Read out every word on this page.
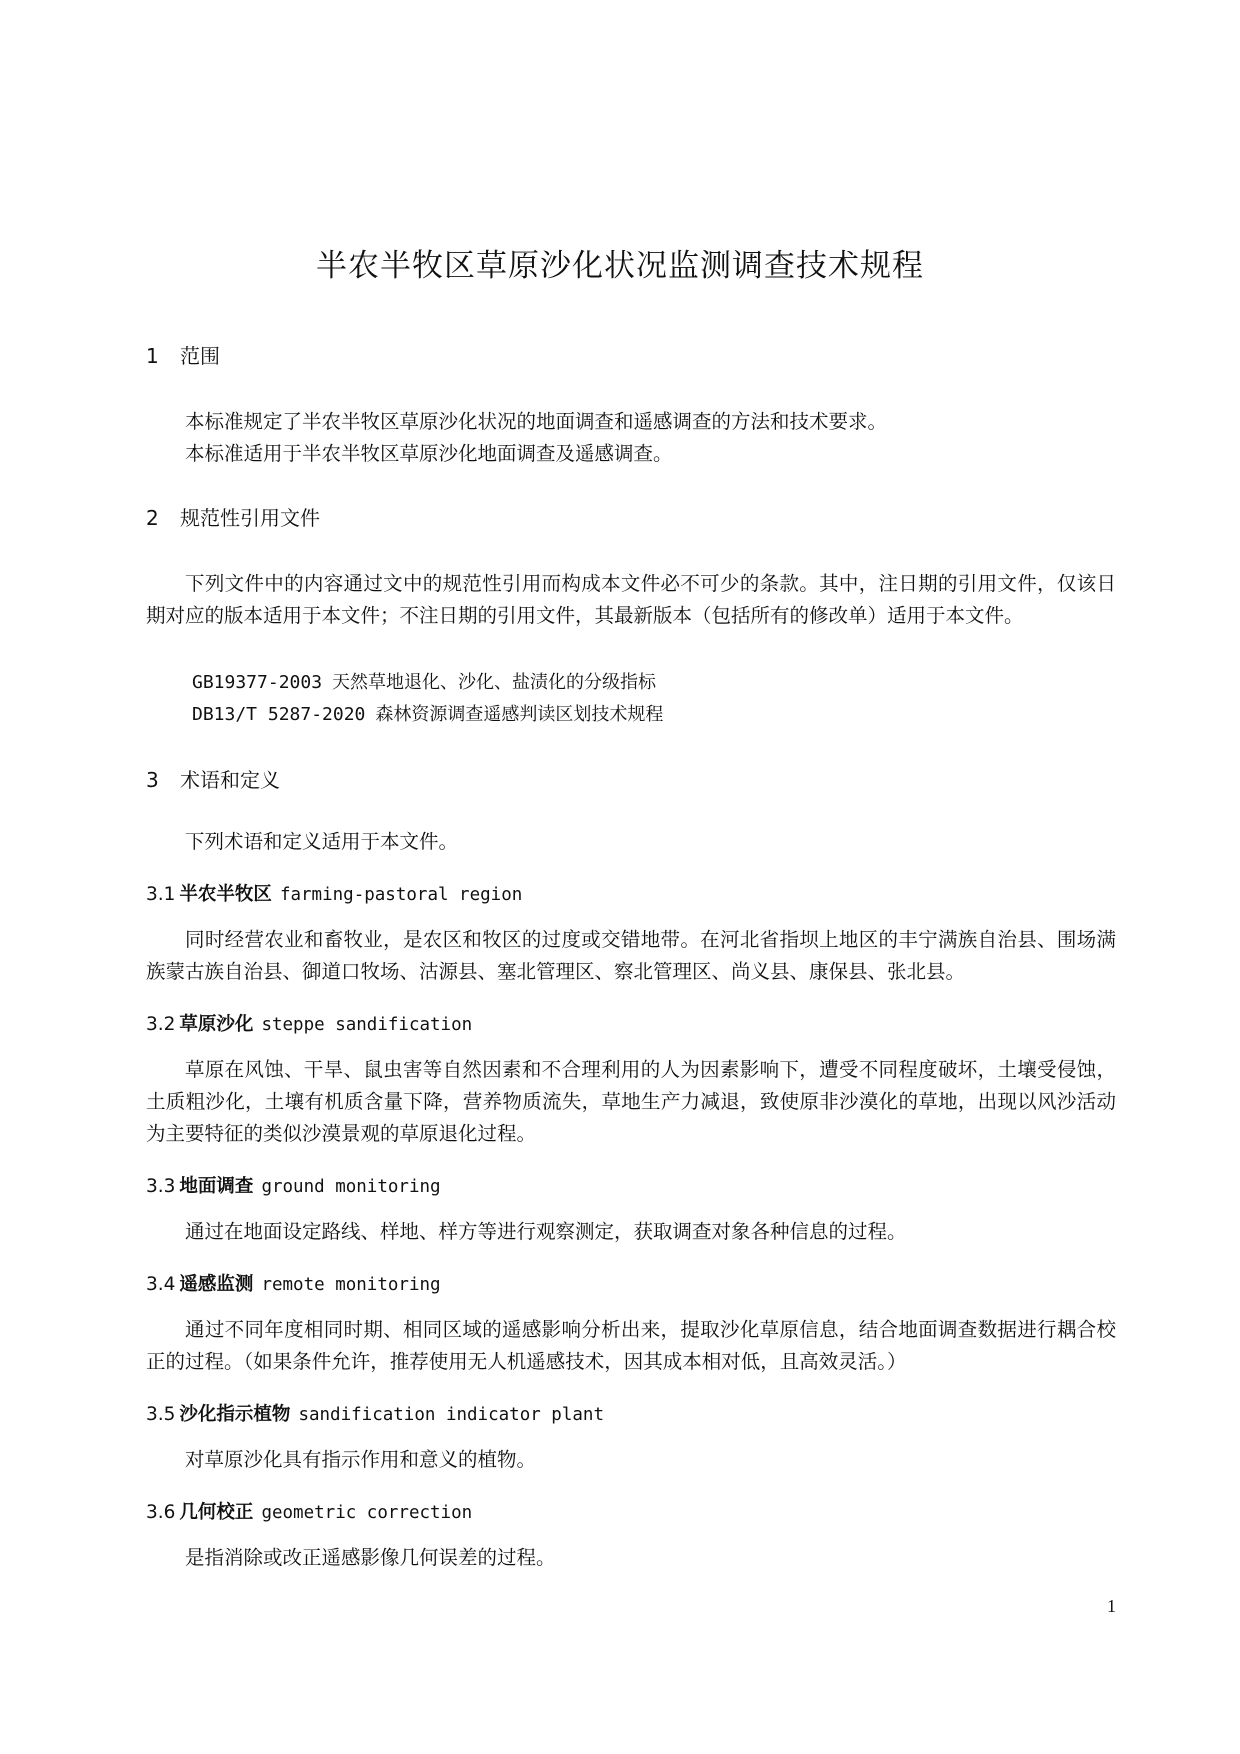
半农半牧区草原沙化状况监测调查技术规程
1 范围

本标准规定了半农半牧区草原沙化状况的地面调查和遥感调查的方法和技术要求。

本标准适用于半农半牧区草原沙化地面调查及遥感调查。

2 规范性引用文件

下列文件中的内容通过文中的规范性引用而构成本文件必不可少的条款。其中，注日期的引用文件，仅该日期对应的版本适用于本文件；不注日期的引用文件，其最新版本（包括所有的修改单）适用于本文件。

GB19377-2003 天然草地退化、沙化、盐渍化的分级指标
DB13/T 5287-2020 森林资源调查遥感判读区划技术规程
3 术语和定义

下列术语和定义适用于本文件。

3.1 半农半牧区 farming-pastoral region

同时经营农业和畜牧业，是农区和牧区的过度或交错地带。在河北省指坝上地区的丰宁满族自治县、围场满族蒙古族自治县、御道口牧场、沽源县、塞北管理区、察北管理区、尚义县、康保县、张北县。

3.2 草原沙化 steppe sandification

草原在风蚀、干旱、鼠虫害等自然因素和不合理利用的人为因素影响下，遭受不同程度破坏，土壤受侵蚀，土质粗沙化，土壤有机质含量下降，营养物质流失，草地生产力减退，致使原非沙漠化的草地，出现以风沙活动为主要特征的类似沙漠景观的草原退化过程。

3.3 地面调查 ground monitoring

通过在地面设定路线、样地、样方等进行观察测定，获取调查对象各种信息的过程。

3.4 遥感监测 remote monitoring

通过不同年度相同时期、相同区域的遥感影响分析出来，提取沙化草原信息，结合地面调查数据进行耦合校正的过程。（如果条件允许，推荐使用无人机遥感技术，因其成本相对低，且高效灵活。）

3.5 沙化指示植物 sandification indicator plant

对草原沙化具有指示作用和意义的植物。

3.6 几何校正 geometric correction

是指消除或改正遥感影像几何误差的过程。

1
